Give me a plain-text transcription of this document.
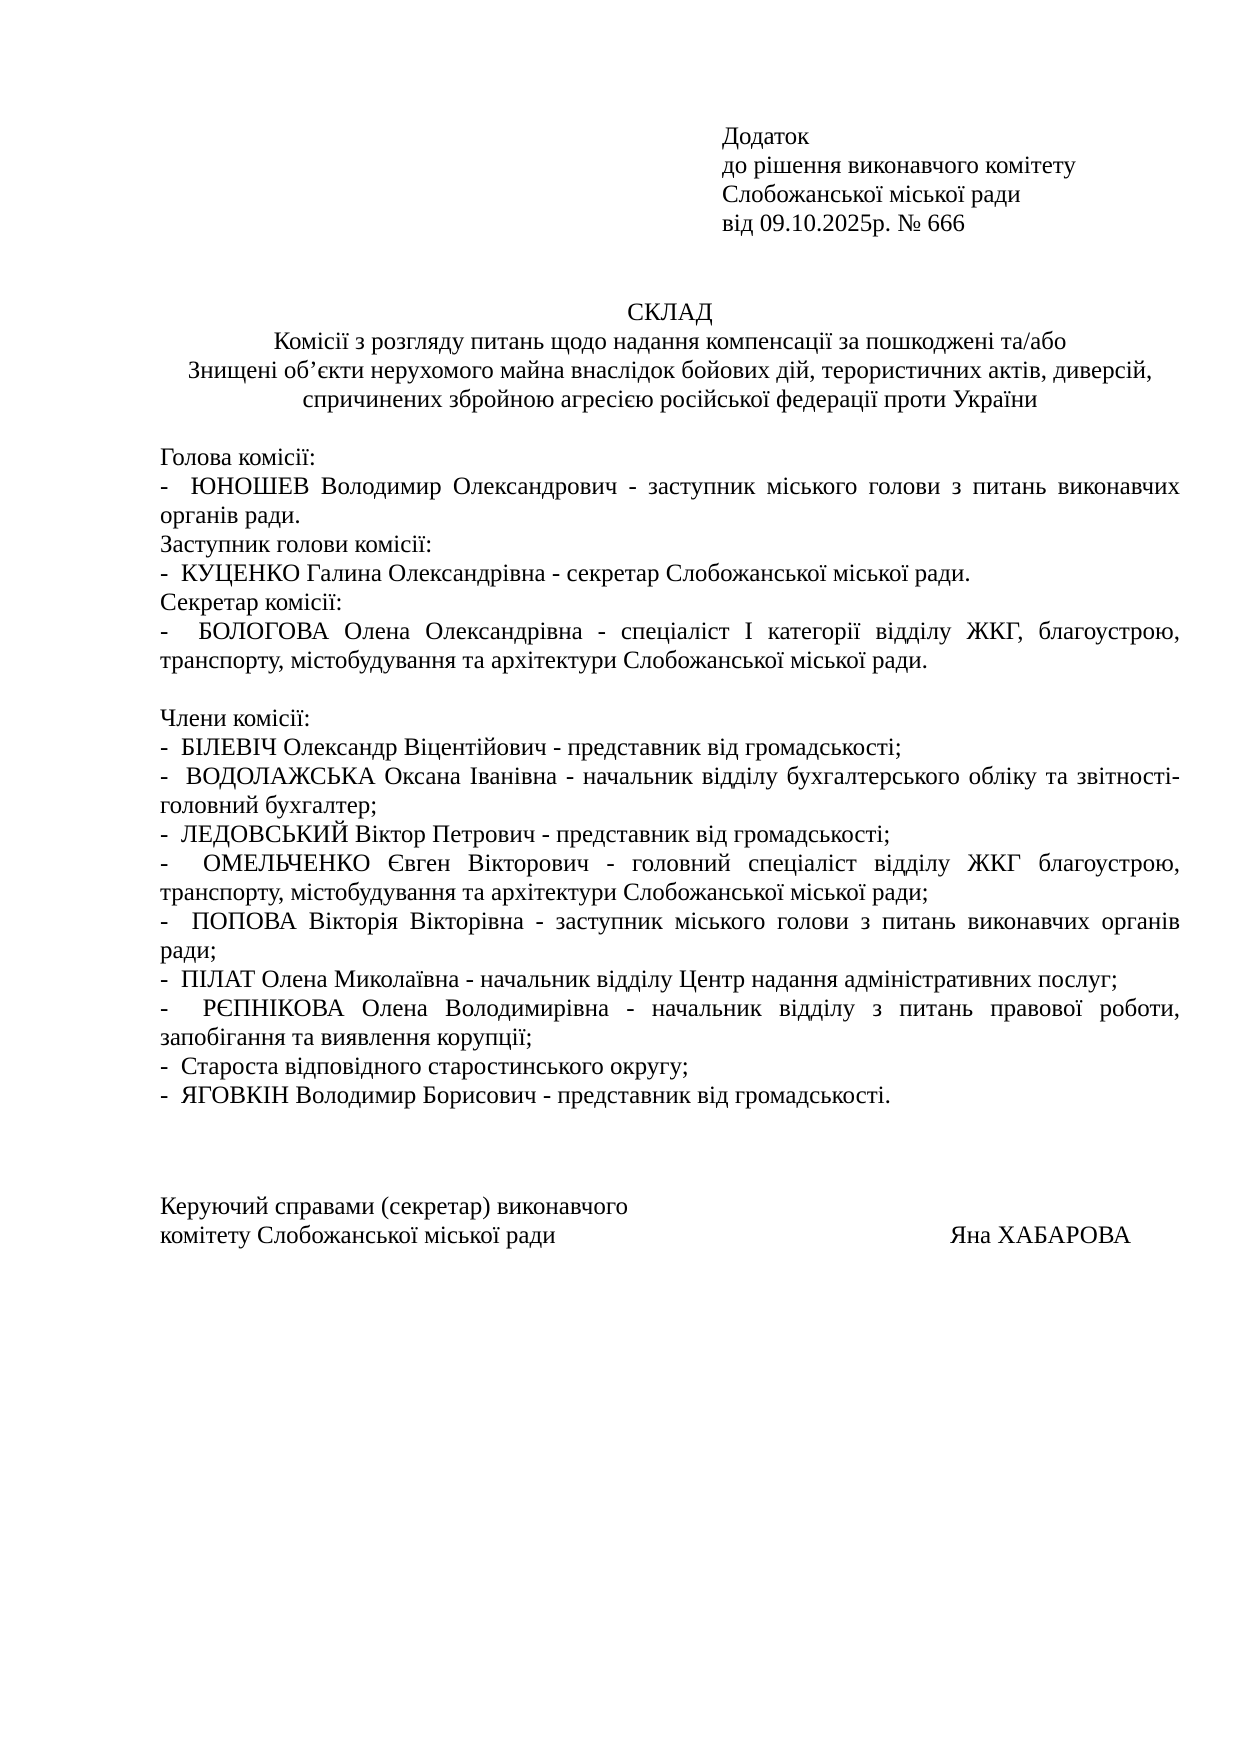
Додаток
до рішення виконавчого комітету
Слобожанської міської ради
від 09.10.2025р. № 666
СКЛАД
Комісії з розгляду питань щодо надання компенсації за пошкоджені та/або
Знищені об’єкти нерухомого майна внаслідок бойових дій, терористичних актів, диверсій,
спричинених збройною агресією російської федерації проти України

Голова комісії:

-  ЮНОШЕВ Володимир Олександрович - заступник міського голови з питань виконавчих
органів ради.

Заступник голови комісії:

-  КУЦЕНКО Галина Олександрівна - секретар Слобожанської міської ради.

Секретар комісії:

-  БОЛОГОВА Олена Олександрівна - спеціаліст І категорії відділу ЖКГ, благоустрою,
транспорту, містобудування та архітектури Слобожанської міської ради.

Члени комісії:

-  БІЛЕВІЧ Олександр Віцентійович - представник від громадськості;

-  ВОДОЛАЖСЬКА Оксана Іванівна - начальник відділу бухгалтерського обліку та звітності-
головний бухгалтер;

-  ЛЕДОВСЬКИЙ Віктор Петрович - представник від громадськості;

-  ОМЕЛЬЧЕНКО Євген Вікторович - головний спеціаліст відділу ЖКГ благоустрою,
транспорту, містобудування та архітектури Слобожанської міської ради;

-  ПОПОВА Вікторія Вікторівна - заступник міського голови з питань виконавчих органів
ради;

-  ПІЛАТ Олена Миколаївна - начальник відділу Центр надання адміністративних послуг;

-  РЄПНІКОВА Олена Володимирівна - начальник відділу з питань правової роботи,
запобігання та виявлення корупції;

-  Староста відповідного старостинського округу;

-  ЯГОВКІН Володимир Борисович - представник від громадськості.

Керуючий справами (секретар) виконавчого
комітету Слобожанської міської ради	Яна ХАБАРОВА
